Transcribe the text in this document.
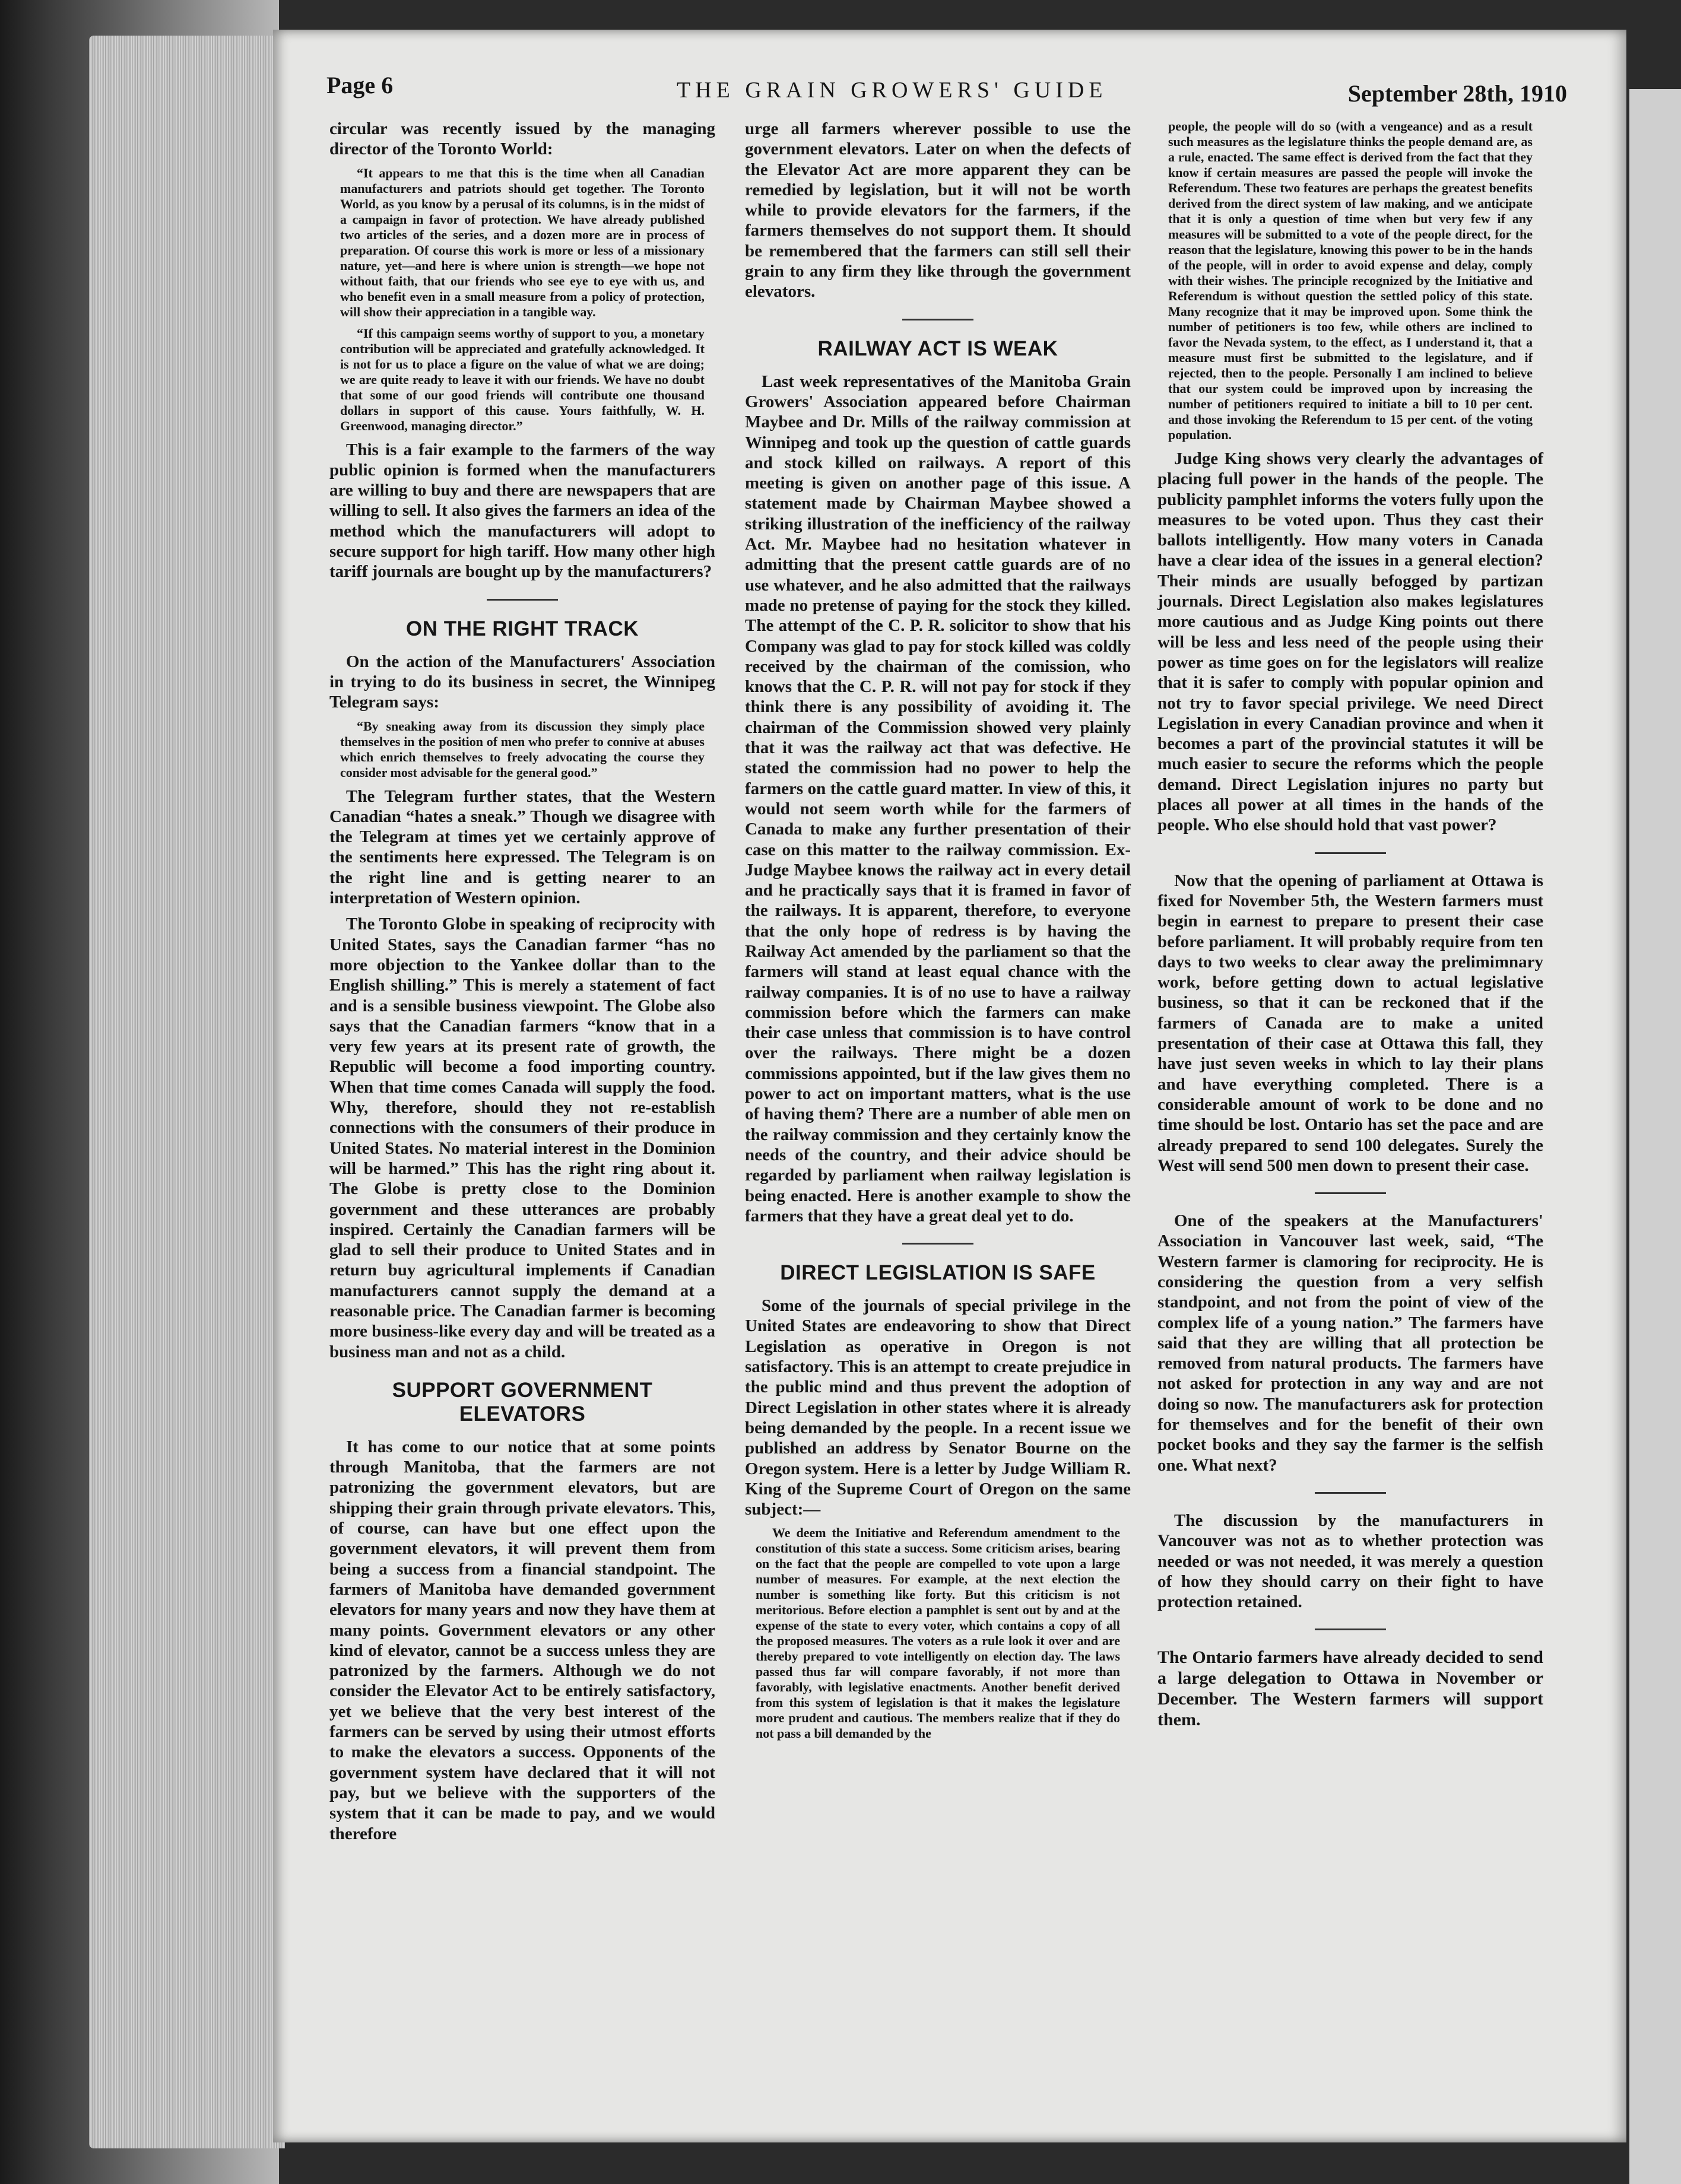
Page 6	THE GRAIN GROWERS' GUIDE	September 28th, 1910

circular was recently issued by the managing director of the Toronto World:

“It appears to me that this is the time when all Canadian manufacturers and patriots should get together. The Toronto World, as you know by a perusal of its columns, is in the midst of a campaign in favor of protection. We have already published two articles of the series, and a dozen more are in process of preparation. Of course this work is more or less of a missionary nature, yet—and here is where union is strength—we hope not without faith, that our friends who see eye to eye with us, and who benefit even in a small measure from a policy of protection, will show their appreciation in a tangible way.

“If this campaign seems worthy of support to you, a monetary contribution will be appreciated and gratefully acknowledged. It is not for us to place a figure on the value of what we are doing; we are quite ready to leave it with our friends. We have no doubt that some of our good friends will contribute one thousand dollars in support of this cause. Yours faithfully, W. H. Greenwood, managing director.”

This is a fair example to the farmers of the way public opinion is formed when the manufacturers are willing to buy and there are newspapers that are willing to sell. It also gives the farmers an idea of the method which the manufacturers will adopt to secure support for high tariff. How many other high tariff journals are bought up by the manufacturers?

ON THE RIGHT TRACK

On the action of the Manufacturers' Association in trying to do its business in secret, the Winnipeg Telegram says:

“By sneaking away from its discussion they simply place themselves in the position of men who prefer to connive at abuses which enrich themselves to freely advocating the course they consider most advisable for the general good.”

The Telegram further states, that the Western Canadian “hates a sneak.” Though we disagree with the Telegram at times yet we certainly approve of the sentiments here expressed. The Telegram is on the right line and is getting nearer to an interpretation of Western opinion.

The Toronto Globe in speaking of reciprocity with United States, says the Canadian farmer “has no more objection to the Yankee dollar than to the English shilling.” This is merely a statement of fact and is a sensible business viewpoint. The Globe also says that the Canadian farmers “know that in a very few years at its present rate of growth, the Republic will become a food importing country. When that time comes Canada will supply the food. Why, therefore, should they not re-establish connections with the consumers of their produce in United States. No material interest in the Dominion will be harmed.” This has the right ring about it. The Globe is pretty close to the Dominion government and these utterances are probably inspired. Certainly the Canadian farmers will be glad to sell their produce to United States and in return buy agricultural implements if Canadian manufacturers cannot supply the demand at a reasonable price. The Canadian farmer is becoming more business-like every day and will be treated as a business man and not as a child.

SUPPORT GOVERNMENT ELEVATORS

It has come to our notice that at some points through Manitoba, that the farmers are not patronizing the government elevators, but are shipping their grain through private elevators. This, of course, can have but one effect upon the government elevators, it will prevent them from being a success from a financial standpoint. The farmers of Manitoba have demanded government elevators for many years and now they have them at many points. Government elevators or any other kind of elevator, cannot be a success unless they are patronized by the farmers. Although we do not consider the Elevator Act to be entirely satisfactory, yet we believe that the very best interest of the farmers can be served by using their utmost efforts to make the elevators a success. Opponents of the government system have declared that it will not pay, but we believe with the supporters of the system that it can be made to pay, and we would therefore

urge all farmers wherever possible to use the government elevators. Later on when the defects of the Elevator Act are more apparent they can be remedied by legislation, but it will not be worth while to provide elevators for the farmers, if the farmers themselves do not support them. It should be remembered that the farmers can still sell their grain to any firm they like through the government elevators.

RAILWAY ACT IS WEAK

Last week representatives of the Manitoba Grain Growers' Association appeared before Chairman Maybee and Dr. Mills of the railway commission at Winnipeg and took up the question of cattle guards and stock killed on railways. A report of this meeting is given on another page of this issue. A statement made by Chairman Maybee showed a striking illustration of the inefficiency of the railway Act. Mr. Maybee had no hesitation whatever in admitting that the present cattle guards are of no use whatever, and he also admitted that the railways made no pretense of paying for the stock they killed. The attempt of the C. P. R. solicitor to show that his Company was glad to pay for stock killed was coldly received by the chairman of the comission, who knows that the C. P. R. will not pay for stock if they think there is any possibility of avoiding it. The chairman of the Commission showed very plainly that it was the railway act that was defective. He stated the commission had no power to help the farmers on the cattle guard matter. In view of this, it would not seem worth while for the farmers of Canada to make any further presentation of their case on this matter to the railway commission. Ex-Judge Maybee knows the railway act in every detail and he practically says that it is framed in favor of the railways. It is apparent, therefore, to everyone that the only hope of redress is by having the Railway Act amended by the parliament so that the farmers will stand at least equal chance with the railway companies. It is of no use to have a railway commission before which the farmers can make their case unless that commission is to have control over the railways. There might be a dozen commissions appointed, but if the law gives them no power to act on important matters, what is the use of having them? There are a number of able men on the railway commission and they certainly know the needs of the country, and their advice should be regarded by parliament when railway legislation is being enacted. Here is another example to show the farmers that they have a great deal yet to do.

DIRECT LEGISLATION IS SAFE

Some of the journals of special privilege in the United States are endeavoring to show that Direct Legislation as operative in Oregon is not satisfactory. This is an attempt to create prejudice in the public mind and thus prevent the adoption of Direct Legislation in other states where it is already being demanded by the people. In a recent issue we published an address by Senator Bourne on the Oregon system. Here is a letter by Judge William R. King of the Supreme Court of Oregon on the same subject:—

We deem the Initiative and Referendum amendment to the constitution of this state a success. Some criticism arises, bearing on the fact that the people are compelled to vote upon a large number of measures. For example, at the next election the number is something like forty. But this criticism is not meritorious. Before election a pamphlet is sent out by and at the expense of the state to every voter, which contains a copy of all the proposed measures. The voters as a rule look it over and are thereby prepared to vote intelligently on election day. The laws passed thus far will compare favorably, if not more than favorably, with legislative enactments. Another benefit derived from this system of legislation is that it makes the legislature more prudent and cautious. The members realize that if they do not pass a bill demanded by the

people, the people will do so (with a vengeance) and as a result such measures as the legislature thinks the people demand are, as a rule, enacted. The same effect is derived from the fact that they know if certain measures are passed the people will invoke the Referendum. These two features are perhaps the greatest benefits derived from the direct system of law making, and we anticipate that it is only a question of time when but very few if any measures will be submitted to a vote of the people direct, for the reason that the legislature, knowing this power to be in the hands of the people, will in order to avoid expense and delay, comply with their wishes. The principle recognized by the Initiative and Referendum is without question the settled policy of this state. Many recognize that it may be improved upon. Some think the number of petitioners is too few, while others are inclined to favor the Nevada system, to the effect, as I understand it, that a measure must first be submitted to the legislature, and if rejected, then to the people. Personally I am inclined to believe that our system could be improved upon by increasing the number of petitioners required to initiate a bill to 10 per cent. and those invoking the Referendum to 15 per cent. of the voting population.

Judge King shows very clearly the advantages of placing full power in the hands of the people. The publicity pamphlet informs the voters fully upon the measures to be voted upon. Thus they cast their ballots intelligently. How many voters in Canada have a clear idea of the issues in a general election? Their minds are usually befogged by partizan journals. Direct Legislation also makes legislatures more cautious and as Judge King points out there will be less and less need of the people using their power as time goes on for the legislators will realize that it is safer to comply with popular opinion and not try to favor special privilege. We need Direct Legislation in every Canadian province and when it becomes a part of the provincial statutes it will be much easier to secure the reforms which the people demand. Direct Legislation injures no party but places all power at all times in the hands of the people. Who else should hold that vast power?

Now that the opening of parliament at Ottawa is fixed for November 5th, the Western farmers must begin in earnest to prepare to present their case before parliament. It will probably require from ten days to two weeks to clear away the prelimimnary work, before getting down to actual legislative business, so that it can be reckoned that if the farmers of Canada are to make a united presentation of their case at Ottawa this fall, they have just seven weeks in which to lay their plans and have everything completed. There is a considerable amount of work to be done and no time should be lost. Ontario has set the pace and are already prepared to send 100 delegates. Surely the West will send 500 men down to present their case.

One of the speakers at the Manufacturers' Association in Vancouver last week, said, “The Western farmer is clamoring for reciprocity. He is considering the question from a very selfish standpoint, and not from the point of view of the complex life of a young nation.” The farmers have said that they are willing that all protection be removed from natural products. The farmers have not asked for protection in any way and are not doing so now. The manufacturers ask for protection for themselves and for the benefit of their own pocket books and they say the farmer is the selfish one. What next?

The discussion by the manufacturers in Vancouver was not as to whether protection was needed or was not needed, it was merely a question of how they should carry on their fight to have protection retained.

The Ontario farmers have already decided to send a large delegation to Ottawa in November or December. The Western farmers will support them.
